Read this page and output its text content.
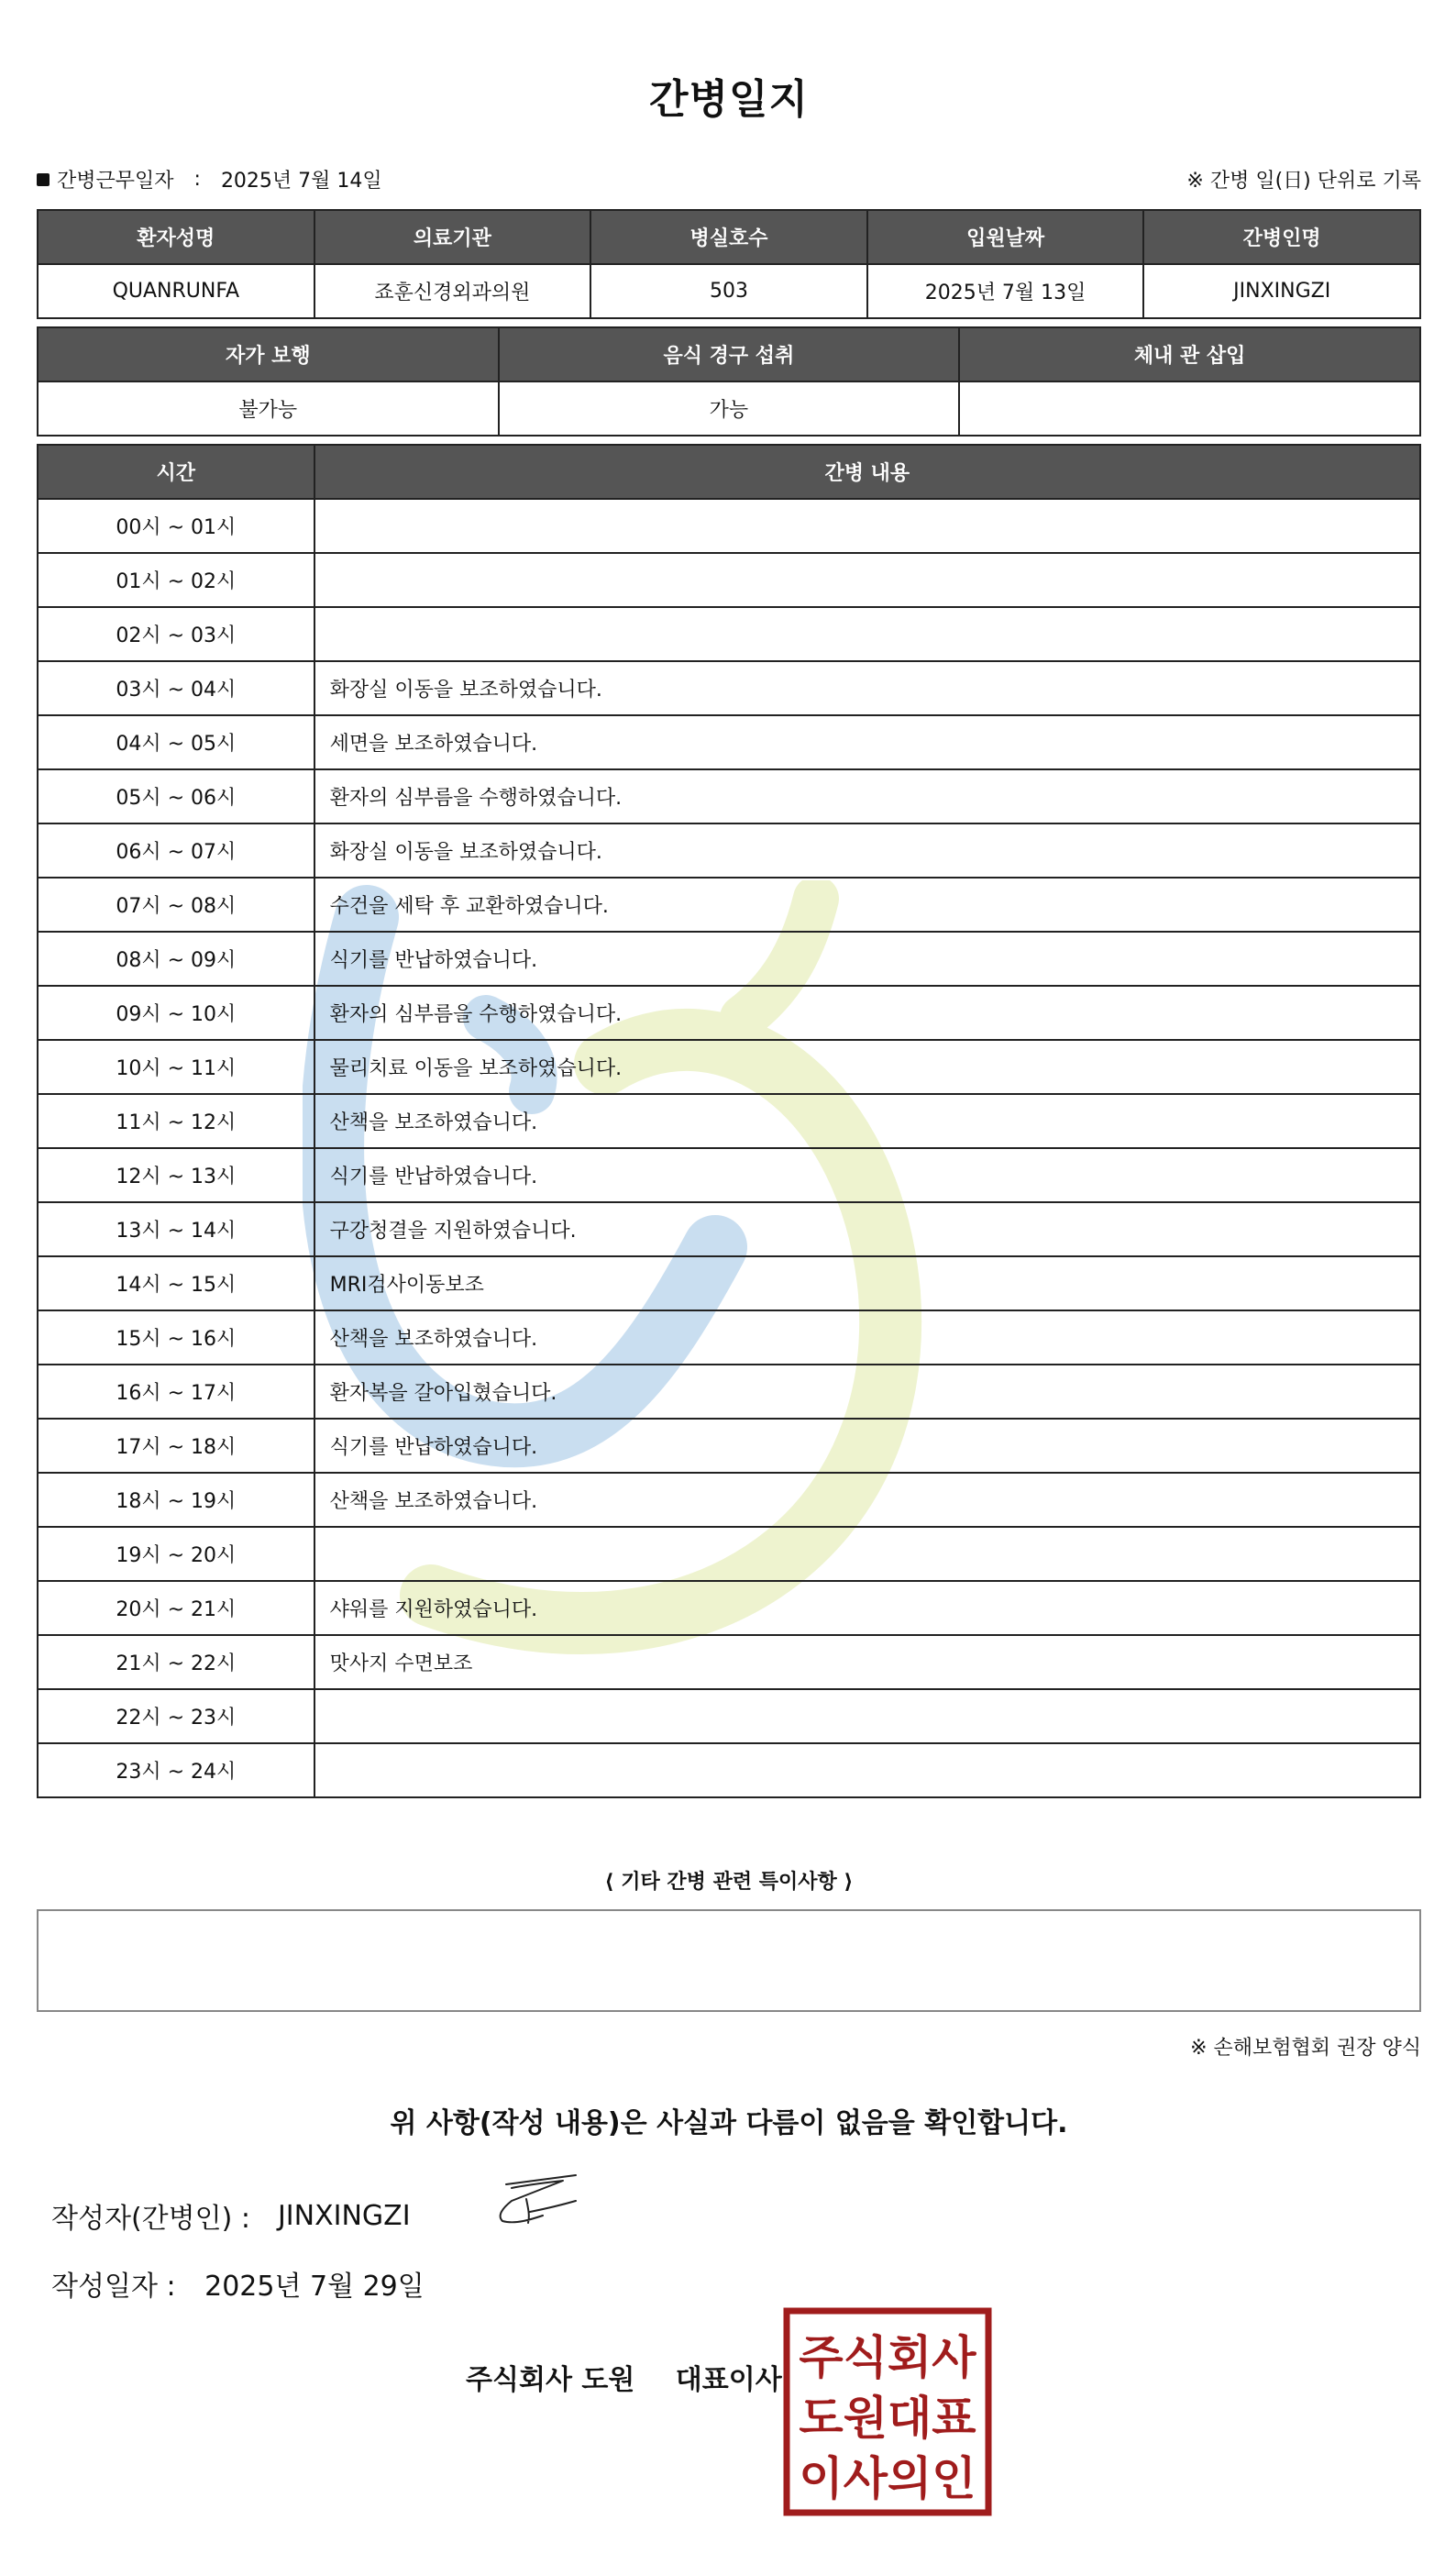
간병일지
간병근무일자 : 2025년 7월 14일	※ 간병 일(日) 단위로 기록
환자성명	의료기관	병실호수	입원날짜	간병인명
QUANRUNFA	죠훈신경외과의원	503	2025년 7월 13일	JINXINGZI
자가 보행	음식 경구 섭취	체내 관 삽입
불가능	가능	
시간	간병 내용
00시 ~ 01시	
01시 ~ 02시	
02시 ~ 03시	
03시 ~ 04시	화장실 이동을 보조하였습니다.
04시 ~ 05시	세면을 보조하였습니다.
05시 ~ 06시	환자의 심부름을 수행하였습니다.
06시 ~ 07시	화장실 이동을 보조하였습니다.
07시 ~ 08시	수건을 세탁 후 교환하였습니다.
08시 ~ 09시	식기를 반납하였습니다.
09시 ~ 10시	환자의 심부름을 수행하였습니다.
10시 ~ 11시	물리치료 이동을 보조하였습니다.
11시 ~ 12시	산책을 보조하였습니다.
12시 ~ 13시	식기를 반납하였습니다.
13시 ~ 14시	구강청결을 지원하였습니다.
14시 ~ 15시	MRI검사이동보조
15시 ~ 16시	산책을 보조하였습니다.
16시 ~ 17시	환자복을 갈아입혔습니다.
17시 ~ 18시	식기를 반납하였습니다.
18시 ~ 19시	산책을 보조하였습니다.
19시 ~ 20시	
20시 ~ 21시	샤워를 지원하였습니다.
21시 ~ 22시	맛사지 수면보조
22시 ~ 23시	
23시 ~ 24시	
⟨ 기타 간병 관련 특이사항 ⟩
※ 손해보험협회 권장 양식
위 사항(작성 내용)은 사실과 다름이 없음을 확인합니다.
작성자(간병인) : JINXINGZI
작성일자 : 2025년 7월 29일
주식회사 도원 대표이사 주식회사
도원대표
이사의인
